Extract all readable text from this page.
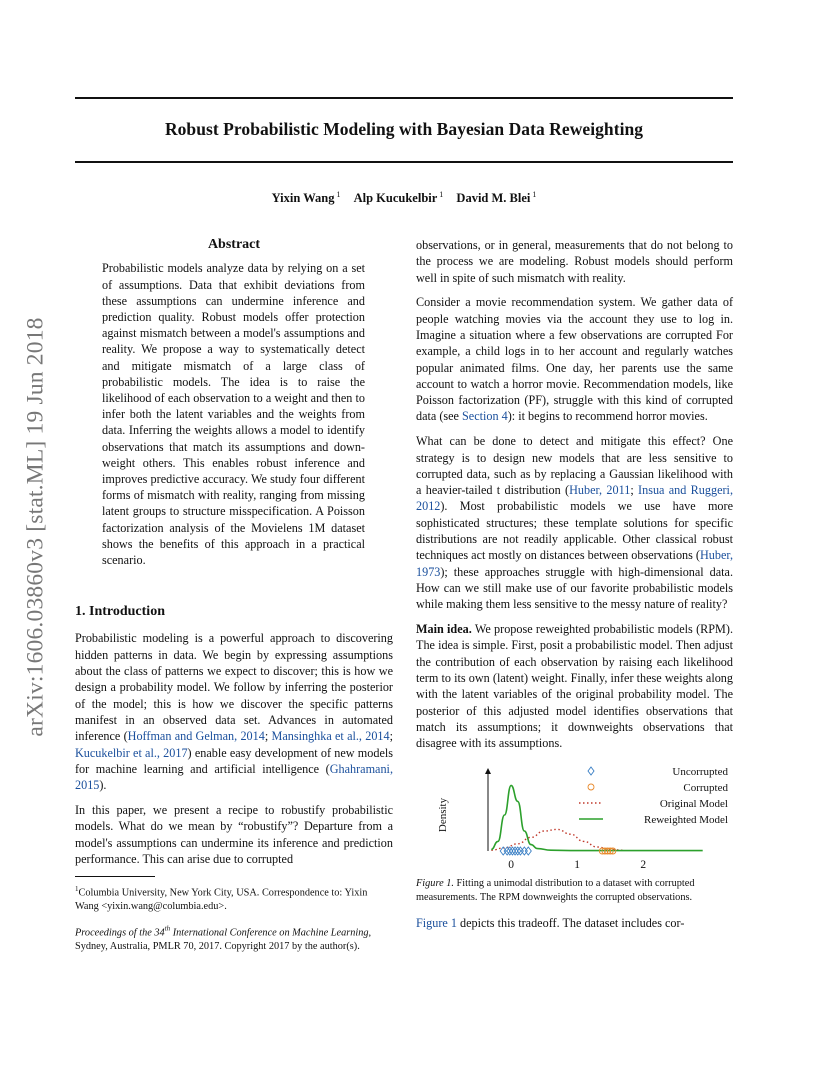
Robust Probabilistic Modeling with Bayesian Data Reweighting
Yixin Wang $^1$ Alp Kucukelbir $^1$ David M. Blei $^1$
arXiv:1606.03860v3 [stat.ML] 19 Jun 2018
Abstract
Probabilistic models analyze data by relying on a set of assumptions. Data that exhibit deviations from these assumptions can undermine inference and prediction quality. Robust models offer protection against mismatch between a model's assumptions and reality. We propose a way to systematically detect and mitigate mismatch of a large class of probabilistic models. The idea is to raise the likelihood of each observation to a weight and then to infer both the latent variables and the weights from data. Inferring the weights allows a model to identify observations that match its assumptions and down-weight others. This enables robust inference and improves predictive accuracy. We study four different forms of mismatch with reality, ranging from missing latent groups to structure misspecification. A Poisson factorization analysis of the Movielens 1M dataset shows the benefits of this approach in a practical scenario.
1. Introduction

Probabilistic modeling is a powerful approach to discovering hidden patterns in data. We begin by expressing assumptions about the class of patterns we expect to discover; this is how we design a probability model. We follow by inferring the posterior of the model; this is how we discover the specific patterns manifest in an observed data set. Advances in automated inference (Hoffman and Gelman, 2014; Mansinghka et al., 2014; Kucukelbir et al., 2017) enable easy development of new models for machine learning and artificial intelligence (Ghahramani, 2015).

In this paper, we present a recipe to robustify probabilistic models. What do we mean by “robustify”? Departure from a model's assumptions can undermine its inference and prediction performance. This can arise due to corrupted

$^1$Columbia University, New York City, USA. Correspondence to: Yixin Wang <yixin.wang@columbia.edu>.
Proceedings of the 34th International Conference on Machine Learning, Sydney, Australia, PMLR 70, 2017. Copyright 2017 by the author(s).

observations, or in general, measurements that do not belong to the process we are modeling. Robust models should perform well in spite of such mismatch with reality.

Consider a movie recommendation system. We gather data of people watching movies via the account they use to log in. Imagine a situation where a few observations are corrupted For example, a child logs in to her account and regularly watches popular animated films. One day, her parents use the same account to watch a horror movie. Recommendation models, like Poisson factorization (PF), struggle with this kind of corrupted data (see Section 4): it begins to recommend horror movies.

What can be done to detect and mitigate this effect? One strategy is to design new models that are less sensitive to corrupted data, such as by replacing a Gaussian likelihood with a heavier-tailed t distribution (Huber, 2011; Insua and Ruggeri, 2012). Most probabilistic models we use have more sophisticated structures; these template solutions for specific distributions are not readily applicable. Other classical robust techniques act mostly on distances between observations (Huber, 1973); these approaches struggle with high-dimensional data. How can we still make use of our favorite probabilistic models while making them less sensitive to the messy nature of reality?

Main idea. We propose reweighted probabilistic models (RPM). The idea is simple. First, posit a probabilistic model. Then adjust the contribution of each observation by raising each likelihood term to its own (latent) weight. Finally, infer these weights along with the latent variables of the original probability model. The posterior of this adjusted model identifies observations that match its assumptions; it downweights observations that disagree with its assumptions.

Density
0	1	2
Uncorrupted
Corrupted
Original Model
Reweighted Model
Figure 1. Fitting a unimodal distribution to a dataset with corrupted measurements. The RPM downweights the corrupted observations.

Figure 1 depicts this tradeoff. The dataset includes cor-
